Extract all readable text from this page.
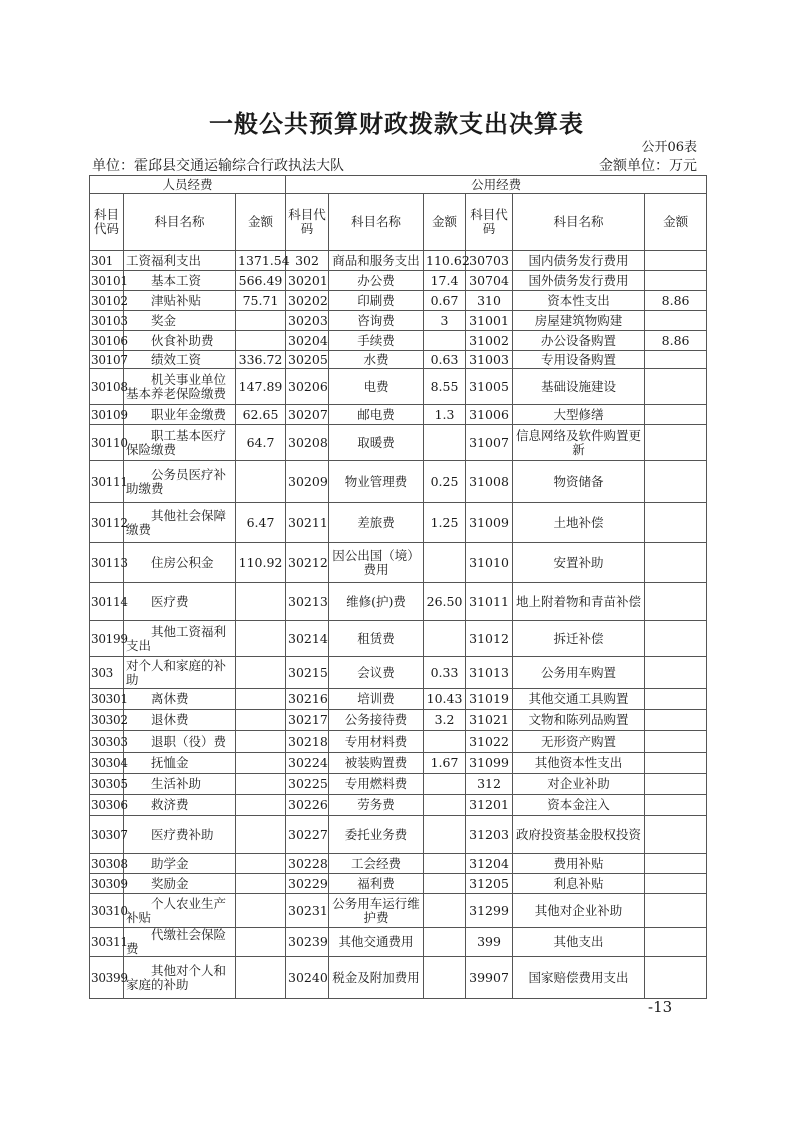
一般公共预算财政拨款支出决算表
公开06表
单位：霍邱县交通运输综合行政执法大队	金额单位：万元
人员经费			公用经费					
科目代码	科目名称	金额	科目代码	科目名称	金额	科目代码	科目名称	金额
301	工资福利支出	1371.54	302	商品和服务支出	110.62	30703	国内债务发行费用	
30101	基本工资	566.49	30201	办公费	17.4	30704	国外债务发行费用	
30102	津贴补贴	75.71	30202	印刷费	0.67	310	资本性支出	8.86
30103	奖金		30203	咨询费	3	31001	房屋建筑物购建	
30106	伙食补助费		30204	手续费		31002	办公设备购置	8.86
30107	绩效工资	336.72	30205	水费	0.63	31003	专用设备购置	
30108	机关事业单位基本养老保险缴费	147.89	30206	电费	8.55	31005	基础设施建设	
30109	职业年金缴费	62.65	30207	邮电费	1.3	31006	大型修缮	
30110	职工基本医疗保险缴费	64.7	30208	取暖费		31007	信息网络及软件购置更新	
30111	公务员医疗补助缴费		30209	物业管理费	0.25	31008	物资储备	
30112	其他社会保障缴费	6.47	30211	差旅费	1.25	31009	土地补偿	
30113	住房公积金	110.92	30212	因公出国（境）费用		31010	安置补助	
30114	医疗费		30213	维修(护)费	26.50	31011	地上附着物和青苗补偿	
30199	其他工资福利支出		30214	租赁费		31012	拆迁补偿	
303	对个人和家庭的补助		30215	会议费	0.33	31013	公务用车购置	
30301	离休费		30216	培训费	10.43	31019	其他交通工具购置	
30302	退休费		30217	公务接待费	3.2	31021	文物和陈列品购置	
30303	退职（役）费		30218	专用材料费		31022	无形资产购置	
30304	抚恤金		30224	被装购置费	1.67	31099	其他资本性支出	
30305	生活补助		30225	专用燃料费		312	对企业补助	
30306	救济费		30226	劳务费		31201	资本金注入	
30307	医疗费补助		30227	委托业务费		31203	政府投资基金股权投资	
30308	助学金		30228	工会经费		31204	费用补贴	
30309	奖励金		30229	福利费		31205	利息补贴	
30310	个人农业生产补贴		30231	公务用车运行维护费		31299	其他对企业补助	
30311	代缴社会保险费		30239	其他交通费用		399	其他支出	
30399	其他对个人和家庭的补助		30240	税金及附加费用		39907	国家赔偿费用支出	
-13
